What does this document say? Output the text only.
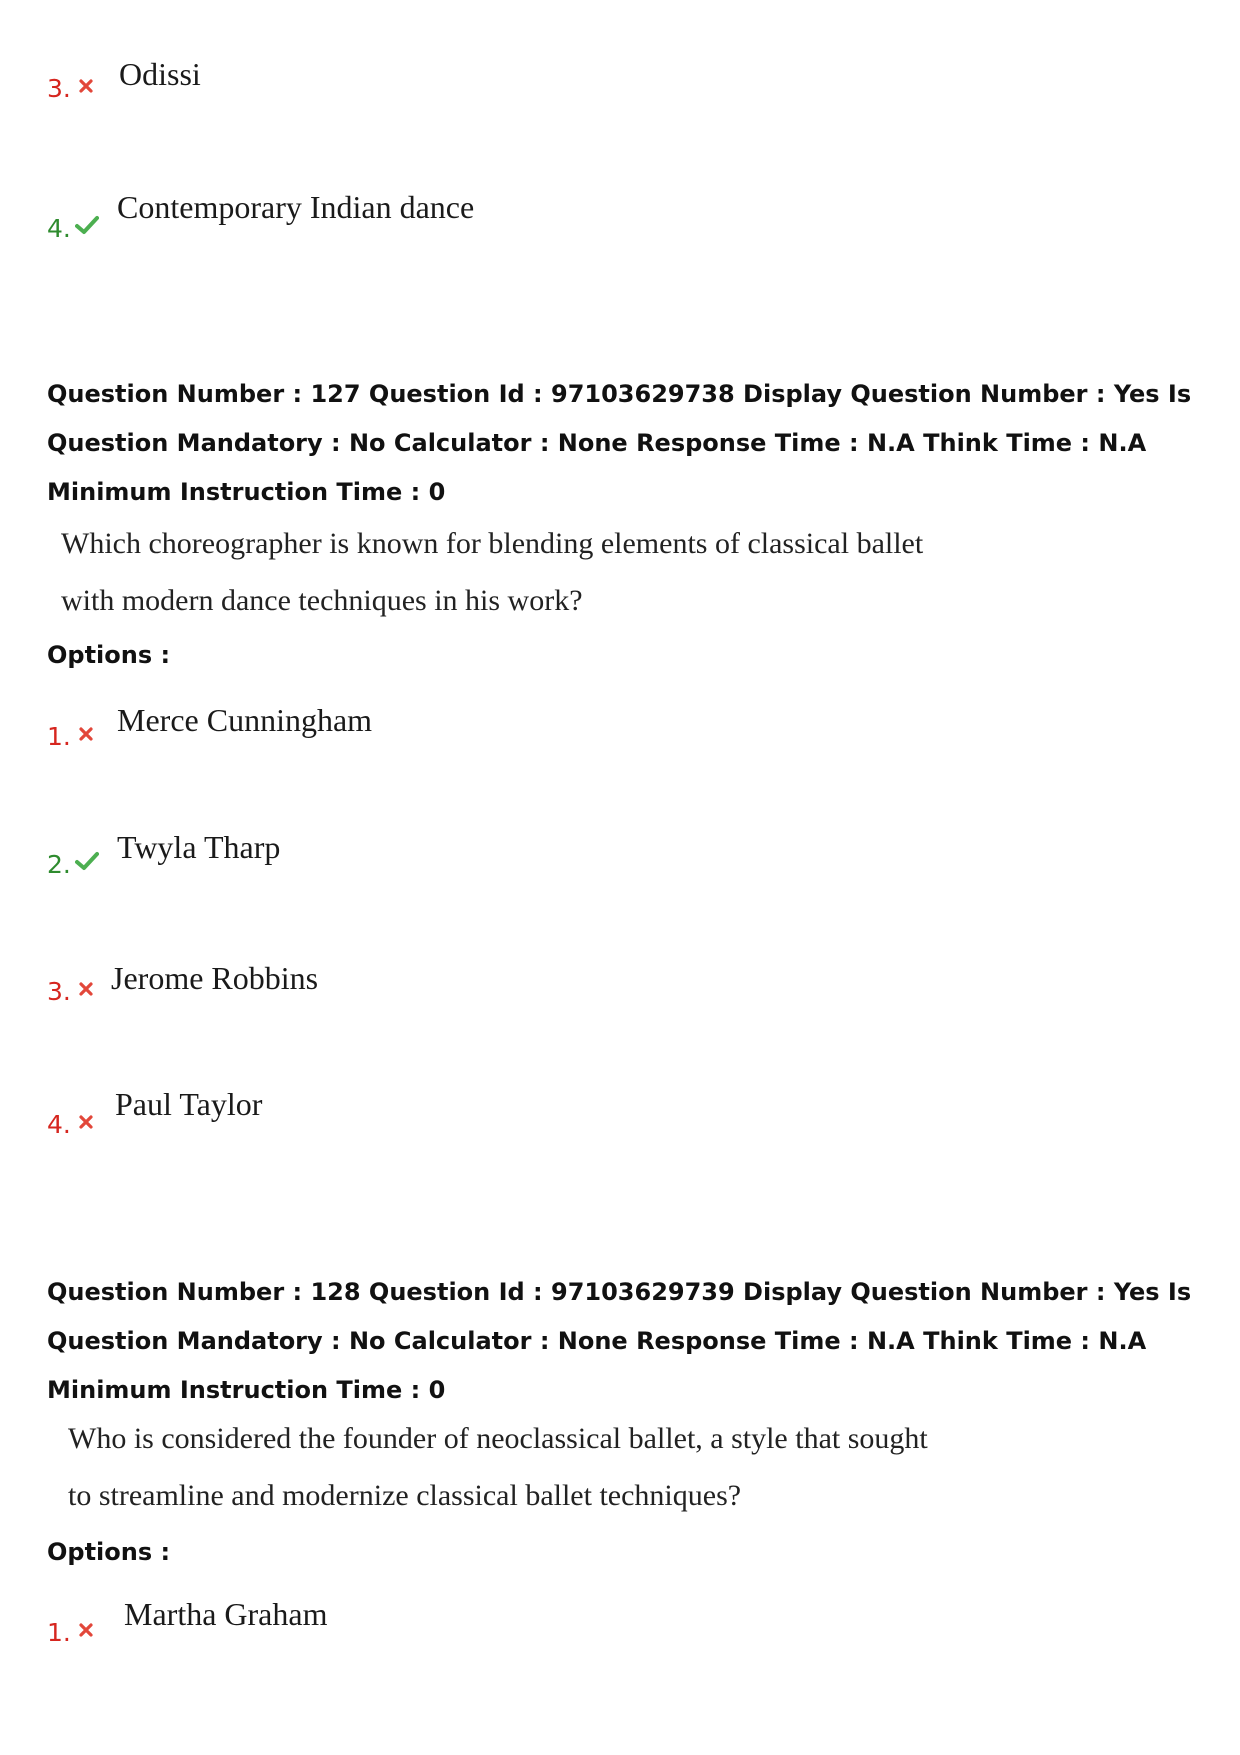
3. Odissi
4.
Contemporary Indian dance
Question Number : 127 Question Id : 97103629738 Display Question Number : Yes Is Question Mandatory : No Calculator : None Response Time : N.A Think Time : N.A Minimum Instruction Time : 0
Which choreographer is known for blending elements of classical ballet
with modern dance techniques in his work?
Options :
1. Merce Cunningham
2. Twyla Tharp
3. Jerome Robbins
4.
Paul Taylor
Question Number : 128 Question Id : 97103629739 Display Question Number : Yes Is Question Mandatory : No Calculator : None Response Time : N.A Think Time : N.A Minimum Instruction Time : 0
Who is considered the founder of neoclassical ballet, a style that sought
to streamline and modernize classical ballet techniques?
Options :
1.
Martha Graham
